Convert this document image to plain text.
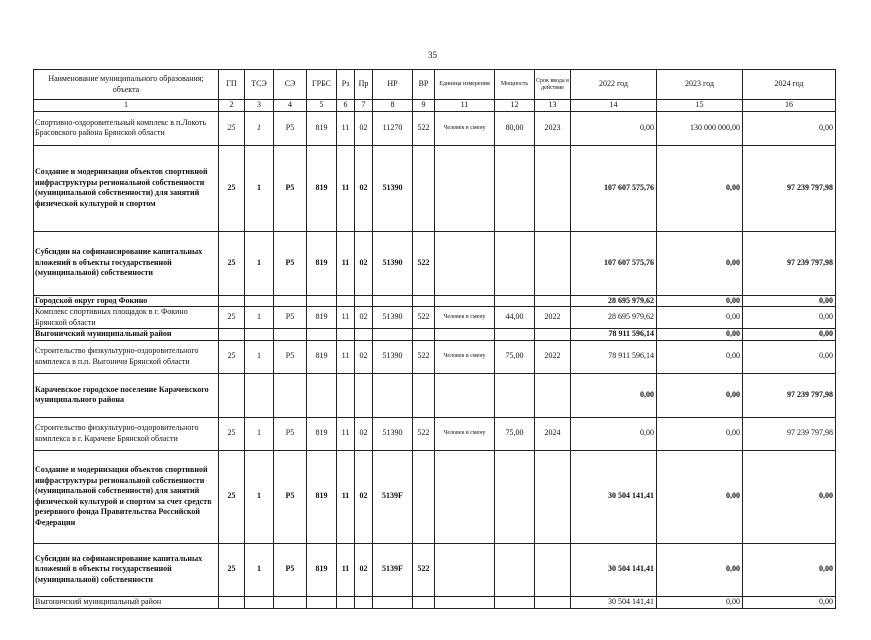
35
Наименование муниципального образования; объекта	ГП	ТСЭ	СЭ	ГРБС	Рз	Пр	НР	ВР	Единица измерения	Мощность	Срок ввода в действие	2022 год	2023 год	2024 год
1	2	3	4	5	6	7	8	9	11	12	13	14	15	16
Спортивно-оздоровительный комплекс в п.Локоть Брасовского района Брянской области	25	1	Р5	819	11	02	11270	522	Человек в смену	80,00	2023	0,00	130 000 000,00	0,00
Создание и модернизация объектов спортивной инфраструктуры региональной собственности (муниципальной собственности) для занятий физической культурой и спортом	25	1	Р5	819	11	02	51390					107 607 575,76	0,00	97 239 797,98
Субсидии на софинансирование капитальных вложений в объекты государственной (муниципальной) собственности	25	1	Р5	819	11	02	51390	522				107 607 575,76	0,00	97 239 797,98
Городской округ город Фокино												28 695 979,62	0,00	0,00
Комплекс спортивных площадок в г. Фокино Брянской области	25	1	Р5	819	11	02	51390	522	Человек в смену	44,00	2022	28 695 979,62	0,00	0,00
Выгоничский муниципальный район												78 911 596,14	0,00	0,00
Строительство физкультурно-оздоровительного комплекса в п.п. Выгоничи Брянской области	25	1	Р5	819	11	02	51390	522	Человек в смену	75,00	2022	78 911 596,14	0,00	0,00
Карачевское городское поселение Карачевского муниципального района												0,00	0,00	97 239 797,98
Строительство физкультурно-оздоровительного комплекса в г. Карачеве Брянской области	25	1	Р5	819	11	02	51390	522	Человек в смену	75,00	2024	0,00	0,00	97 239 797,98
Создание и модернизация объектов спортивной инфраструктуры региональной собственности (муниципальной собственности) для занятий физической культурой и спортом за счет средств резервного фонда Правительства Российской Федерации	25	1	Р5	819	11	02	5139F					30 504 141,41	0,00	0,00
Субсидии на софинансирование капитальных вложений в объекты государственной (муниципальной) собственности	25	1	Р5	819	11	02	5139F	522				30 504 141,41	0,00	0,00
Выгоничский муниципальный район												30 504 141,41	0,00	0,00
